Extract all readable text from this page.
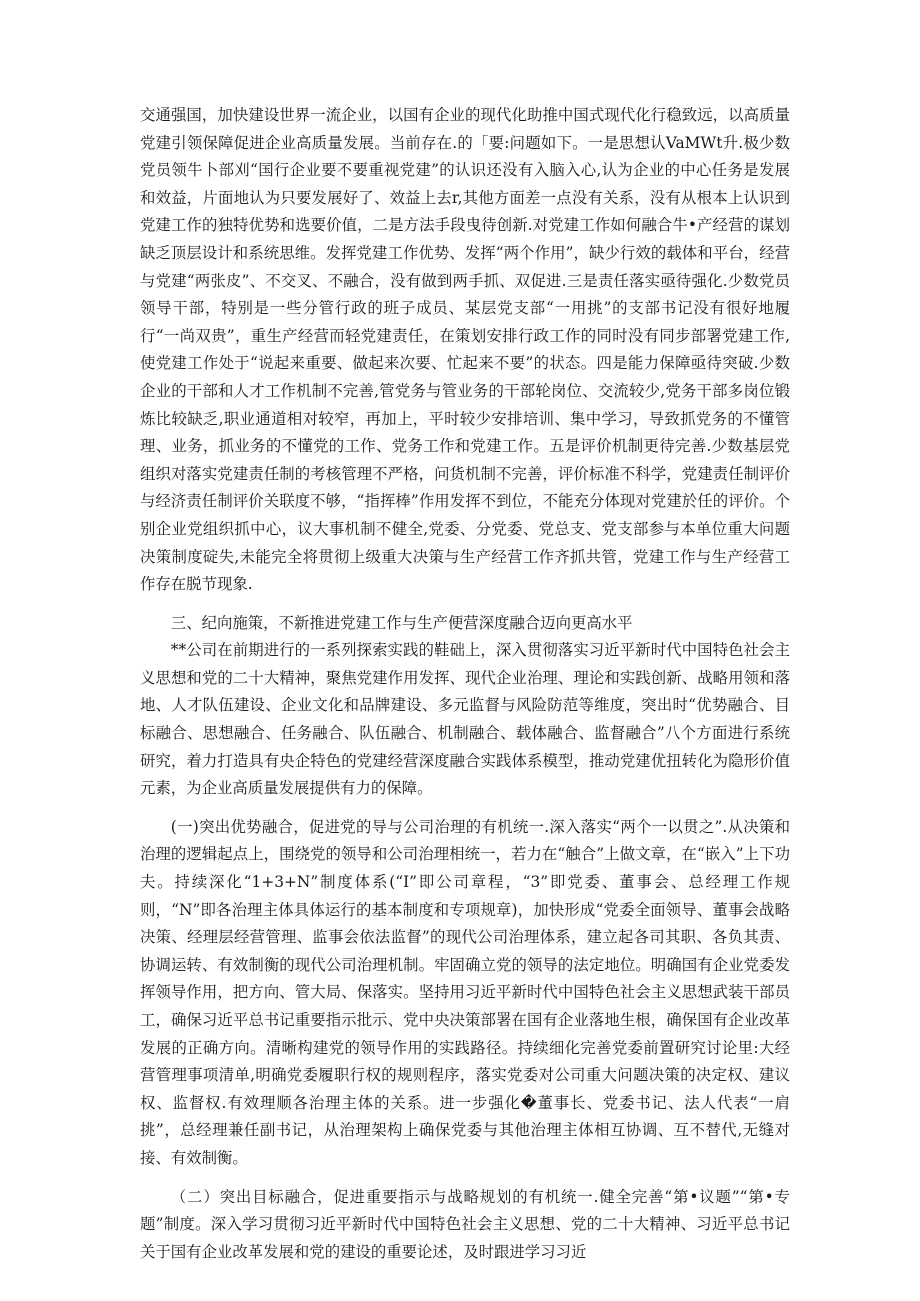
交通强国，加快建设世界一流企业，以国有企业的现代化助推中国式现代化行稳致远，以高质量党建引领保障促进企业高质量发展。当前存在.的「要:问题如下。一是思想认VaMWt升.极少数党员领牛卜部刈“国行企业要不要重视党建”的认识还没有入脑入心,认为企业的中心任务是发展和效益，片面地认为只要发展好了、效益上去r,其他方面差一点没有关系，没有从根本上认识到党建工作的独特优势和选要价值，二是方法手段曳待创新.对党建工作如何融合牛•产经营的谋划缺乏顶层设计和系统思维。发挥党建工作优势、发挥“两个作用”，缺少行效的载体和平台，经营与党建“两张皮”、不交叉、不融合，没有做到两手抓、双促进.三是责任落实亟待强化.少数党员领导干部，特别是一些分管行政的班子成员、某层党支部“一用挑”的支部书记没有很好地履行“一尚双贵”，重生产经营而轻党建责任，在策划安排行政工作的同时没有同步部署党建工作,使党建工作处于“说起来重要、做起来次要、忙起来不要”的状态。四是能力保障亟待突破.少数企业的干部和人才工作机制不完善,管党务与管业务的干部轮岗位、交流较少,党务干部多岗位锻炼比较缺乏,职业通道相对较窄，再加上，平时较少安排培训、集中学习，导致抓党务的不懂管理、业务，抓业务的不懂党的工作、党务工作和党建工作。五是评价机制更待完善.少数基层党组织对落实党建责任制的考核管理不严格，问货机制不完善，评价标准不科学，党建责任制评价与经济责任制评价关联度不够，“指挥棒”作用发挥不到位，不能充分体现对党建於任的评价。个别企业党组织抓中心，议大事机制不健全,党委、分党委、党总支、党支部参与本单位重大问题决策制度碇失,未能完全将贯彻上级重大决策与生产经营工作齐抓共管，党建工作与生产经营工作存在脱节现象.

三、纪向施策，不新推进党建工作与生产便营深度融合迈向更高水平

**公司在前期进行的一系列探索实践的鞋础上，深入贯彻落实习近平新时代中国特色社会主义思想和党的二十大精神，聚焦党建作用发挥、现代企业治理、理论和实践创新、战略用领和落地、人才队伍建设、企业文化和品牌建设、多元监督与风险防范等维度，突出时“优势融合、目标融合、思想融合、任务融合、队伍融合、机制融合、载体融合、监督融合”八个方面进行系统研究，着力打造具有央企特色的党建经营深度融合实践体系模型，推动党建优扭转化为隐形价值元素，为企业高质量发展提供有力的保障。

(一)突出优势融合，促进党的导与公司治理的有机统一.深入落实“两个一以贯之”.从决策和治理的逻辑起点上，围绕党的领导和公司治理相统一，若力在“触合”上做文章，在“嵌入”上下功夫。持续深化“1+3+N”制度体系(“I”即公司章程，“3”即党委、董事会、总经理工作规则，“N”即各治理主体具体运行的基本制度和专项规章)，加快形成“党委全面领导、董事会战略决策、经理层经营管理、监事会依法监督”的现代公司治理体系，建立起各司其职、各负其责、协调运转、有效制衡的现代公司治理机制。牢固确立党的领导的法定地位。明确国有企业党委发挥领导作用，把方向、管大局、保落实。坚持用习近平新时代中国特色社会主义思想武装干部员工，确保习近平总书记重要指示批示、党中央决策部署在国有企业落地生根，确保国有企业改革发展的正确方向。清晰构建党的领导作用的实践路径。持续细化完善党委前置研究讨论里:大经营管理事项清单,明确党委履职行权的规则程序，落实党委对公司重大问题决策的决定权、建议权、监督权.有效理顺各治理主体的关系。进一步强化�董事长、党委书记、法人代表“一肩挑”，总经理兼任副书记，从治理架构上确保党委与其他治理主体相互协调、互不替代,无缝对接、有效制衡。

（二）突出目标融合，促进重要指示与战略规划的有机统一.健全完善“第•议题”“第•专题”制度。深入学习贯彻习近平新时代中国特色社会主义思想、党的二十大精神、习近平总书记关于国有企业改革发展和党的建设的重要论述，及时跟进学习习近
